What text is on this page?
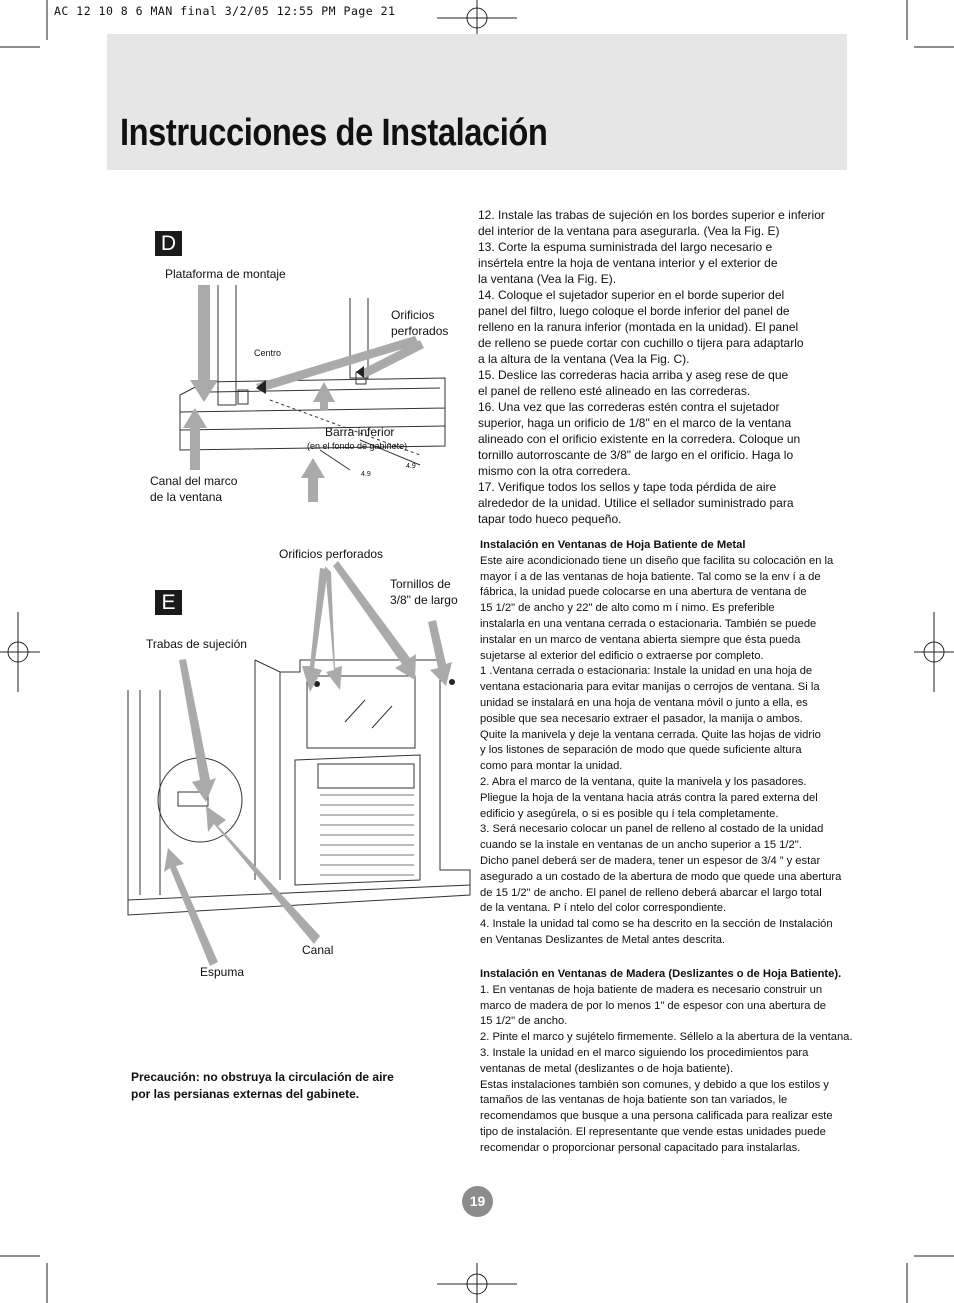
AC 12 10 8 6 MAN final 3/2/05 12:55 PM Page 21
Instrucciones de Instalación
D
Plataforma de montaje
Orificios
perforados
Centro
Barra inferior
(en el fondo de gabinete)
4.9
4.9
Canal del marco
de la ventana
E
Orificios perforados
Tornillos de
3/8" de largo
Trabas de sujeción
Canal
Espuma
Precaución: no obstruya la circulación de aire
por las persianas externas del gabinete.

12. Instale las trabas de sujeción en los bordes superior e inferior

del interior de la ventana para asegurarla. (Vea la Fig. E)

13. Corte la espuma suministrada del largo necesario e

insértela entre la hoja de ventana interior y el exterior de

la ventana (Vea la Fig. E).

14. Coloque el sujetador superior en el borde superior del

panel del filtro, luego coloque el borde inferior del panel de

relleno en la ranura inferior (montada en la unidad). El panel

de relleno se puede cortar con cuchillo o tijera para adaptarlo

a la altura de la ventana (Vea la Fig. C).

15. Deslice las correderas hacia arriba y aseg rese de que

el panel de relleno esté alineado en las correderas.

16. Una vez que las correderas estén contra el sujetador

superior, haga un orificio de 1/8" en el marco de la ventana

alineado con el orificio existente en la corredera. Coloque un

tornillo autorroscante de 3/8" de largo en el orificio. Haga lo

mismo con la otra corredera.

17. Verifique todos los sellos y tape toda pérdida de aire

alrededor de la unidad. Utilice el sellador suministrado para

tapar todo hueco pequeño.

Instalación en Ventanas de Hoja Batiente de Metal

Este aire acondicionado tiene un diseño que facilita su colocación en la

mayor í a de las ventanas de hoja batiente. Tal como se la env í a de

fábrica, la unidad puede colocarse en una abertura de ventana de

15 1/2" de ancho y 22" de alto como m í nimo. Es preferible

instalarla en una ventana cerrada o estacionaria. También se puede

instalar en un marco de ventana abierta siempre que ésta pueda

sujetarse al exterior del edificio o extraerse por completo.

1 .Ventana cerrada o estacionaria: Instale la unidad en una hoja de

ventana estacionaria para evitar manijas o cerrojos de ventana. Si la

unidad se instalará en una hoja de ventana móvil o junto a ella, es

posible que sea necesario extraer el pasador, la manija o ambos.

Quite la manivela y deje la ventana cerrada. Quite las hojas de vidrio

y los listones de separación de modo que quede suficiente altura

como para montar la unidad.

2. Abra el marco de la ventana, quite la manivela y los pasadores.

Pliegue la hoja de la ventana hacia atrás contra la pared externa del

edificio y asegúrela, o si es posible qu í tela completamente.

3. Será necesario colocar un panel de relleno al costado de la unidad

cuando se la instale en ventanas de un ancho superior a 15 1/2".

Dicho panel deberá ser de madera, tener un espesor de 3/4 ” y estar

asegurado a un costado de la abertura de modo que quede una abertura

de 15 1/2" de ancho. El panel de relleno deberá abarcar el largo total

de la ventana. P í ntelo del color correspondiente.

4. Instale la unidad tal como se ha descrito en la sección de Instalación

en Ventanas Deslizantes de Metal antes descrita.

Instalación en Ventanas de Madera (Deslizantes o de Hoja Batiente).

1. En ventanas de hoja batiente de madera es necesario construir un

marco de madera de por lo menos 1" de espesor con una abertura de

15 1/2" de ancho.

2. Pinte el marco y sujételo firmemente. Séllelo a la abertura de la ventana.

3. Instale la unidad en el marco siguiendo los procedimientos para

ventanas de metal (deslizantes o de hoja batiente).

Estas instalaciones también son comunes, y debido a que los estilos y

tamaños de las ventanas de hoja batiente son tan variados, le

recomendamos que busque a una persona calificada para realizar este

tipo de instalación. El representante que vende estas unidades puede

recomendar o proporcionar personal capacitado para instalarlas.

19
